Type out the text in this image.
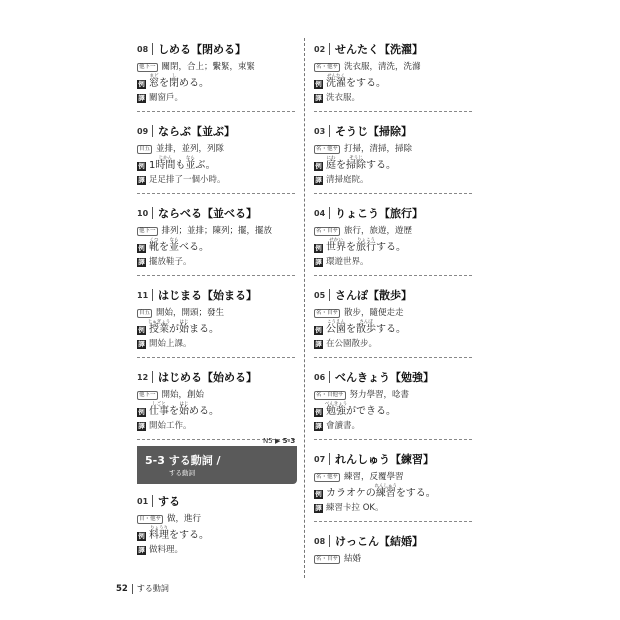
08 しめる【閉める】
他下一 關閉，合上；繫緊，束緊
例 窓
まど
を閉
し
める。
譯 關窗戶。
09 ならぶ【並ぶ】
自五 並排，並列，列隊
例 1時間
じかん
も並
なら
ぶ。
譯 足足排了一個小時。
10 ならべる【並べる】
他下一 排列；並排；陳列；擺，擺放
例 靴
くつ
を並
なら
べる。
譯 擺放鞋子。
11 はじまる【始まる】
自五 開始，開頭；發生
例 授業
じゅぎょう
が始
はじ
まる。
譯 開始上課。
12 はじめる【始める】
他下一 開始，創始
例 仕事
しごと
を始
はじ
める。
譯 開始工作。
02 せんたく【洗濯】
名・他サ 洗衣服，清洗，洗滌
例 洗濯
せんたく
をする。
譯 洗衣服。
03 そうじ【掃除】
名・他サ 打掃，清掃，掃除
例 庭
にわ
を掃除
そうじ
する。
譯 清掃庭院。
04 りょこう【旅行】
名・自サ 旅行，旅遊，遊歷
例 世界
せかい
を旅行
りょこう
する。
譯 環遊世界。
05 さんぽ【散歩】
名・自サ 散步，隨便走走
例 公園
こうえん
を散歩
さんぽ
する。
譯 在公園散步。
06 べんきょう【勉強】
名・自他サ 努力學習，唸書
例 勉強
べんきょう
ができる。
譯 會讀書。
07 れんしゅう【練習】
名・他サ 練習，反覆學習
例 カラオケの練習
れんしゅう
をする。
譯 練習卡拉 OK。
08 けっこん【結婚】
名・自サ 結婚
N5 ▶ 5-3
5-3 する動詞 /
する動詞
01 する
自・他サ 做，進行
例 料理
りょうり
をする。
譯 做料理。
52 する動詞
